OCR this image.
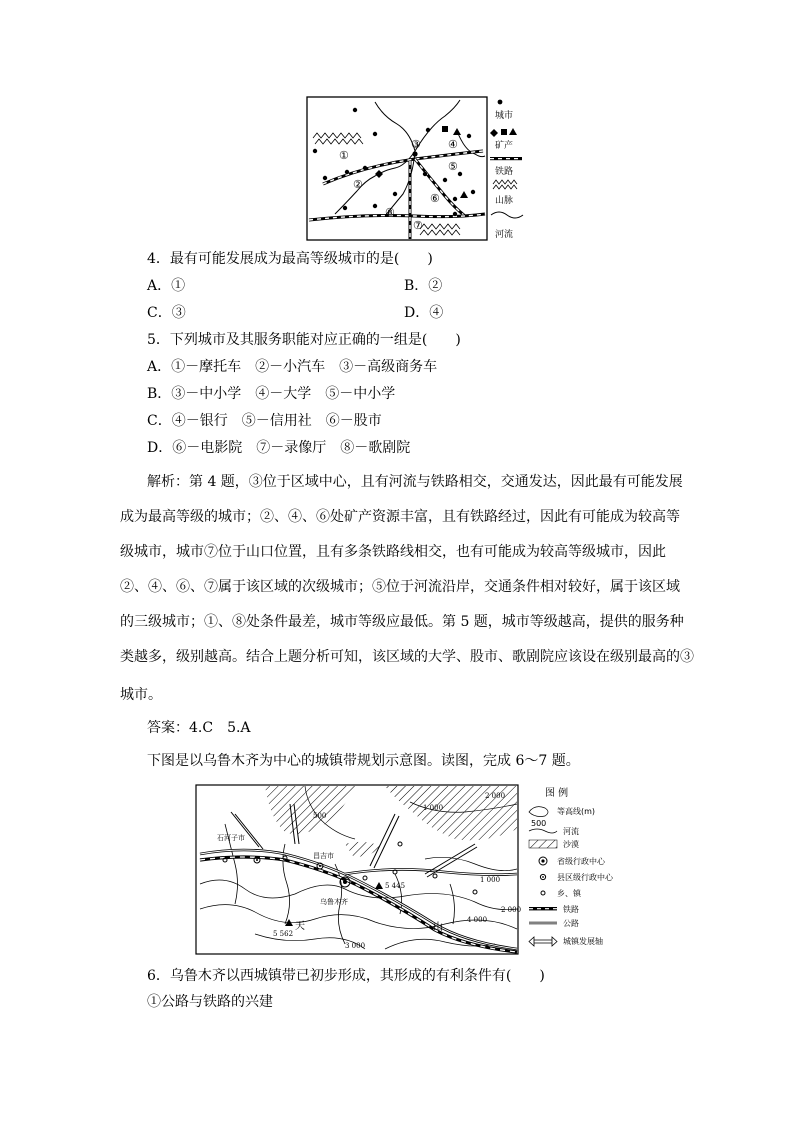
①
②
③ ④
⑤
⑥
⑦
⑧
城市
矿产
铁路
山脉
河流
4．最有可能发展成为最高等级城市的是(　　)
A．①	B．②
C．③	D．④
5．下列城市及其服务职能对应正确的一组是(　　)
A．①－摩托车　②－小汽车　③－高级商务车
B．③－中小学　④－大学　⑤－中小学
C．④－银行　⑤－信用社　⑥－股市
D．⑥－电影院　⑦－录像厅　⑧－歌剧院
解析：第 4 题，③位于区域中心，且有河流与铁路相交，交通发达，因此最有可能发展
成为最高等级的城市；②、④、⑥处矿产资源丰富，且有铁路经过，因此有可能成为较高等
级城市，城市⑦位于山口位置，且有多条铁路线相交，也有可能成为较高等级城市，因此
②、④、⑥、⑦属于该区域的次级城市；⑤位于河流沿岸，交通条件相对较好，属于该区域
的三级城市；①、⑧处条件最差，城市等级应最低。第 5 题，城市等级越高，提供的服务种
类越多，级别越高。结合上题分析可知，该区域的大学、股市、歌剧院应该设在级别最高的③
城市。
答案：4.C　5.A
下图是以乌鲁木齐为中心的城镇带规划示意图。读图，完成 6～7 题。
石河子市
乌鲁木齐
昌吉市
天	山
5 445
5 562
500
1 000
2 000
1 000
4 000
3 000
2 000
图 例
500
等高线(m)
河流
沙漠
省级行政中心
县区级行政中心
乡、镇
铁路
公路
城镇发展轴
6．乌鲁木齐以西城镇带已初步形成，其形成的有利条件有(　　)
①公路与铁路的兴建
